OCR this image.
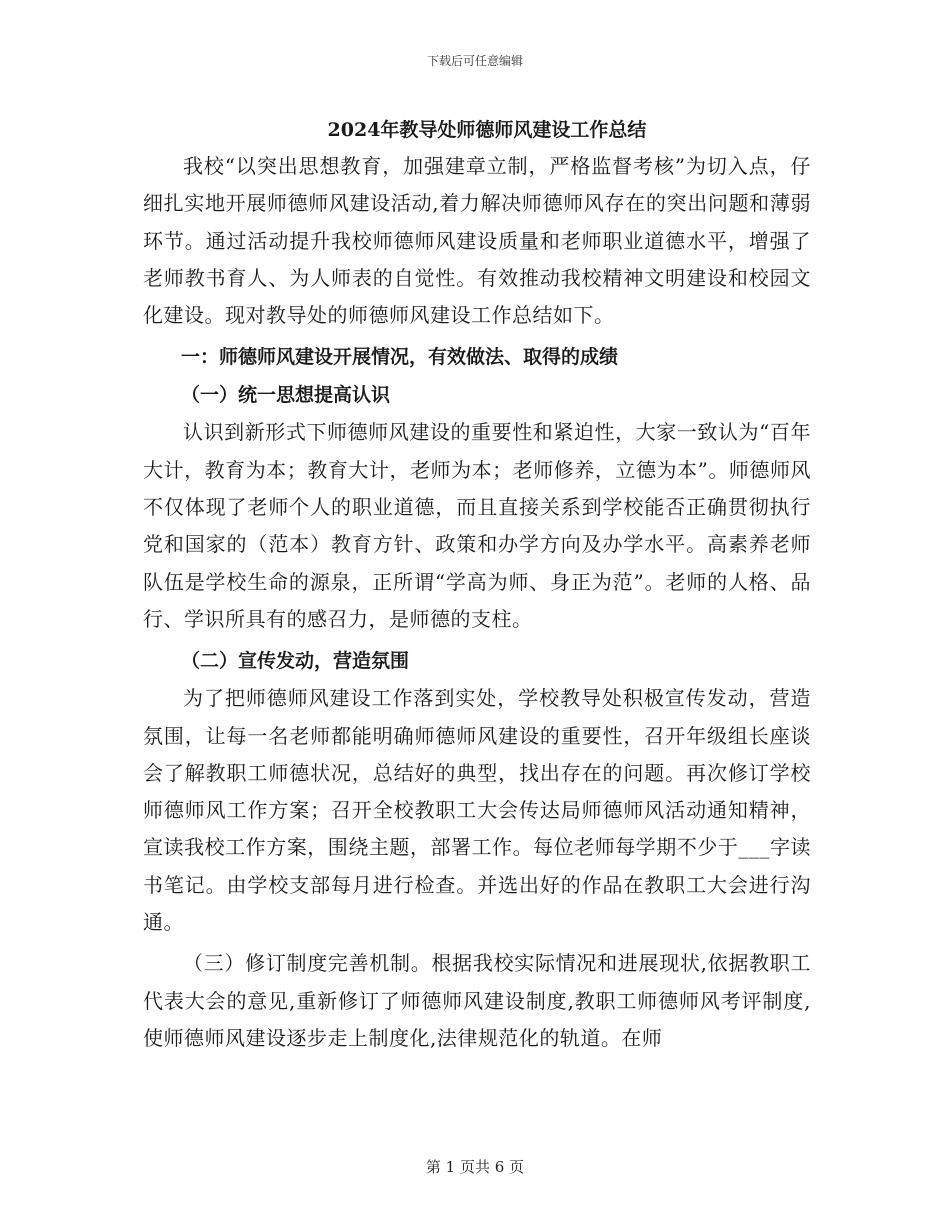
下载后可任意编辑

2024年教导处师德师风建设工作总结

我校“以突出思想教育，加强建章立制，严格监督考核”为切入点，仔细扎实地开展师德师风建设活动,着力解决师德师风存在的突出问题和薄弱环节。通过活动提升我校师德师风建设质量和老师职业道德水平，增强了老师教书育人、为人师表的自觉性。有效推动我校精神文明建设和校园文化建设。现对教导处的师德师风建设工作总结如下。

一：师德师风建设开展情况，有效做法、取得的成绩

（一）统一思想提高认识

认识到新形式下师德师风建设的重要性和紧迫性，大家一致认为“百年大计，教育为本；教育大计，老师为本；老师修养，立德为本”。师德师风不仅体现了老师个人的职业道德，而且直接关系到学校能否正确贯彻执行党和国家的（范本）教育方针、政策和办学方向及办学水平。高素养老师队伍是学校生命的源泉，正所谓“学高为师、身正为范”。老师的人格、品行、学识所具有的感召力，是师德的支柱。

（二）宣传发动，营造氛围

为了把师德师风建设工作落到实处，学校教导处积极宣传发动，营造氛围，让每一名老师都能明确师德师风建设的重要性，召开年级组长座谈会了解教职工师德状况，总结好的典型，找出存在的问题。再次修订学校师德师风工作方案；召开全校教职工大会传达局师德师风活动通知精神，宣读我校工作方案，围绕主题，部署工作。每位老师每学期不少于___字读书笔记。由学校支部每月进行检查。并选出好的作品在教职工大会进行沟通。

（三）修订制度完善机制。根据我校实际情况和进展现状,依据教职工代表大会的意见,重新修订了师德师风建设制度,教职工师德师风考评制度,使师德师风建设逐步走上制度化,法律规范化的轨道。在师

第 1 页共 6 页
